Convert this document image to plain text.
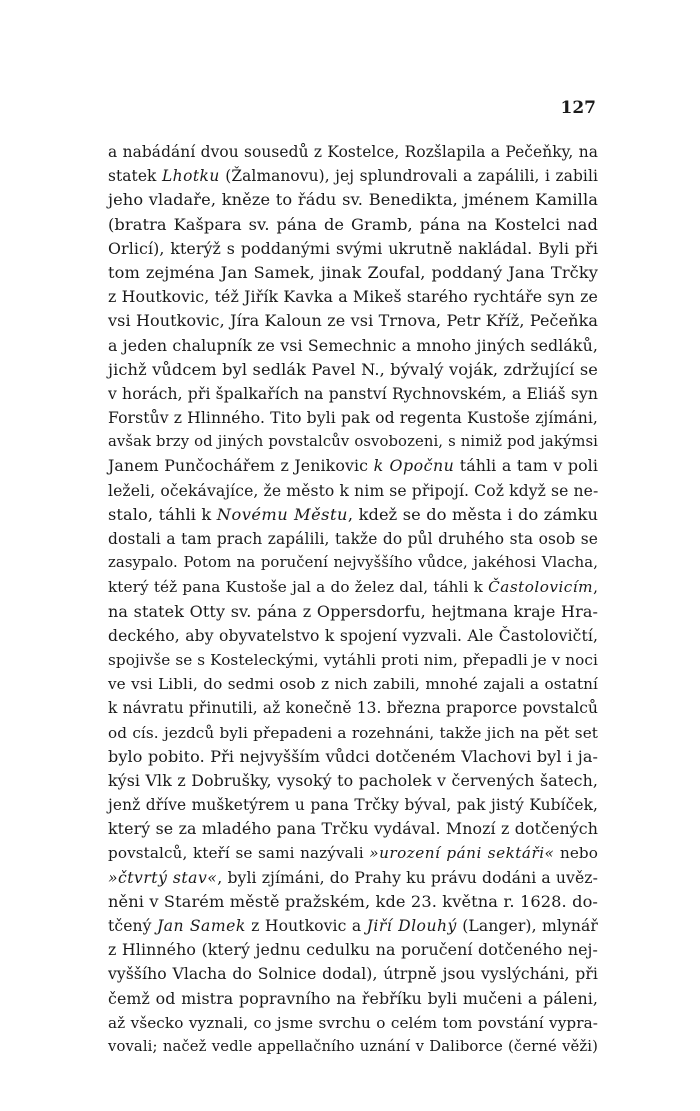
127
a nabádání dvou sousedů z Kostelce, Rozšlapila a Pečeňky, na
statek Lhotku (Žalmanovu), jej splundrovali a zapálili, i zabili
jeho vladaře, kněze to řádu sv. Benedikta, jménem Kamilla
(bratra Kašpara sv. pána de Gramb, pána na Kostelci nad
Orlicí), kterýž s poddanými svými ukrutně nakládal. Byli při
tom zejména Jan Samek, jinak Zoufal, poddaný Jana Trčky
z Houtkovic, též Jiřík Kavka a Mikeš starého rychtáře syn ze
vsi Houtkovic, Jíra Kaloun ze vsi Trnova, Petr Kříž, Pečeňka
a jeden chalupník ze vsi Semechnic a mnoho jiných sedláků,
jichž vůdcem byl sedlák Pavel N., bývalý voják, zdržující se
v horách, při špalkařích na panství Rychnovském, a Eliáš syn
Forstův z Hlinného. Tito byli pak od regenta Kustoše zjímáni,
avšak brzy od jiných povstalcův osvobozeni, s nimiž pod jakýmsi
Janem Punčochářem z Jenikovic k Opočnu táhli a tam v poli
leželi, očekávajíce, že město k nim se připojí. Což když se ne-
stalo, táhli k Novému Městu, kdež se do města i do zámku
dostali a tam prach zapálili, takže do půl druhého sta osob se
zasypalo. Potom na poručení nejvyššího vůdce, jakéhosi Vlacha,
který též pana Kustoše jal a do želez dal, táhli k Častolovicím,
na statek Otty sv. pána z Oppersdorfu, hejtmana kraje Hra-
deckého, aby obyvatelstvo k spojení vyzvali. Ale Častolovičtí,
spojivše se s Kosteleckými, vytáhli proti nim, přepadli je v noci
ve vsi Libli, do sedmi osob z nich zabili, mnohé zajali a ostatní
k návratu přinutili, až konečně 13. března praporce povstalců
od cís. jezdců byli přepadeni a rozehnáni, takže jich na pět set
bylo pobito. Při nejvyšším vůdci dotčeném Vlachovi byl i ja-
kýsi Vlk z Dobrušky, vysoký to pacholek v červených šatech,
jenž dříve mušketýrem u pana Trčky býval, pak jistý Kubíček,
který se za mladého pana Trčku vydával. Mnozí z dotčených
povstalců, kteří se sami nazývali »urození páni sektáři« nebo
»čtvrtý stav«, byli zjímáni, do Prahy ku právu dodáni a uvěz-
něni v Starém městě pražském, kde 23. května r. 1628. do-
tčený Jan Samek z Houtkovic a Jiří Dlouhý (Langer), mlynář
z Hlinného (který jednu cedulku na poručení dotčeného nej-
vyššího Vlacha do Solnice dodal), útrpně jsou vyslýcháni, při
čemž od mistra popravního na řebříku byli mučeni a páleni,
až všecko vyznali, co jsme svrchu o celém tom povstání vypra-
vovali; načež vedle appellačního uznání v Daliborce (černé věži)
